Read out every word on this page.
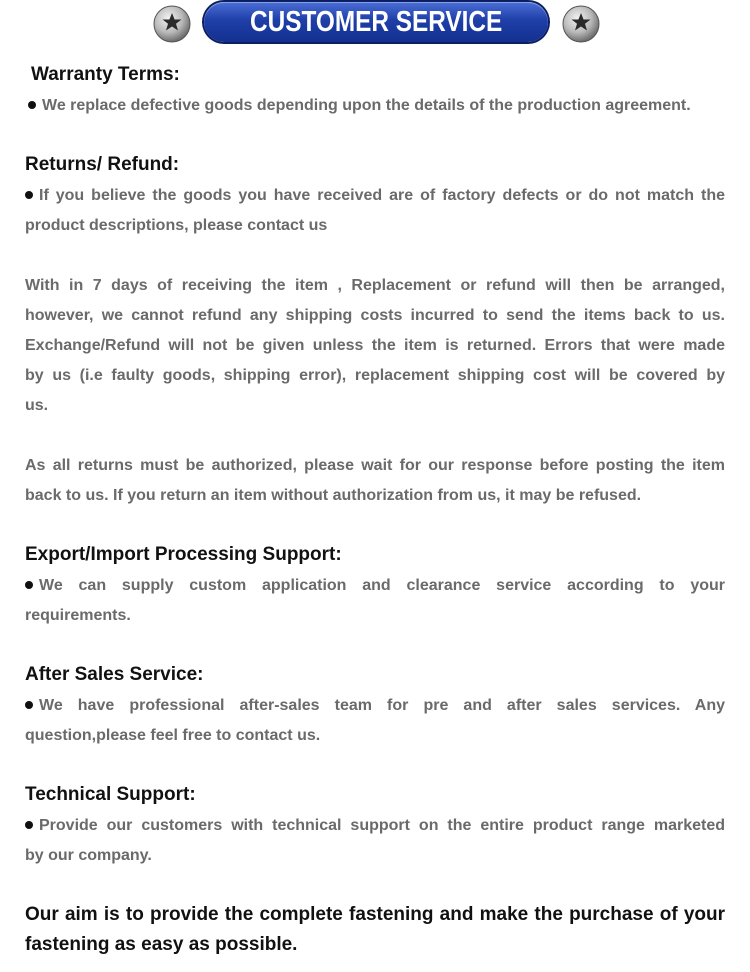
CUSTOMER SERVICE
Warranty Terms:
We replace defective goods depending upon the details of the production agreement.
Returns/ Refund:
If you believe the goods you have received are of factory defects or do not match the
product descriptions, please contact us
With in 7 days of receiving the item , Replacement or refund will then be arranged,
however, we cannot refund any shipping costs incurred to send the items back to us.
Exchange/Refund will not be given unless the item is returned. Errors that were made
by us (i.e faulty goods, shipping error), replacement shipping cost will be covered by
us.
As all returns must be authorized, please wait for our response before posting the item
back to us. If you return an item without authorization from us, it may be refused.
Export/Import Processing Support:
We can supply custom application and clearance service according to your
requirements.
After Sales Service:
We have professional after-sales team for pre and after sales services. Any
question,please feel free to contact us.
Technical Support:
Provide our customers with technical support on the entire product range marketed
by our company.
Our aim is to provide the complete fastening and make the purchase of your
fastening as easy as possible.
